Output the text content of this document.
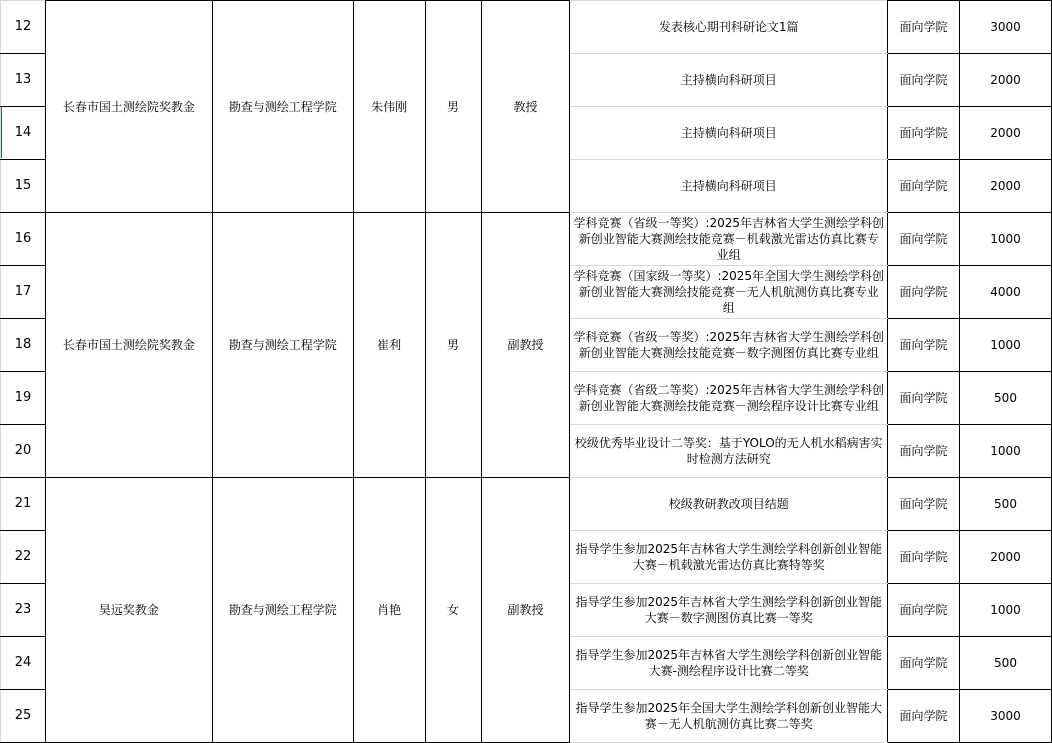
12	长春市国土测绘院奖教金	勘查与测绘工程学院	朱伟刚	男	教授	发表核心期刊科研论文1篇	面向学院	3000
13						主持横向科研项目	面向学院	2000
14						主持横向科研项目	面向学院	2000
15						主持横向科研项目	面向学院	2000
16	长春市国土测绘院奖教金	勘查与测绘工程学院	崔利	男	副教授	学科竞赛（省级一等奖）:2025年吉林省大学生测绘学科创新创业智能大赛测绘技能竞赛－机载激光雷达仿真比赛专业组	面向学院	1000
17						学科竞赛（国家级一等奖）:2025年全国大学生测绘学科创新创业智能大赛测绘技能竞赛－无人机航测仿真比赛专业组	面向学院	4000
18						学科竞赛（省级一等奖）:2025年吉林省大学生测绘学科创新创业智能大赛测绘技能竞赛－数字测图仿真比赛专业组	面向学院	1000
19						学科竞赛（省级二等奖）:2025年吉林省大学生测绘学科创新创业智能大赛测绘技能竞赛－测绘程序设计比赛专业组	面向学院	500
20						校级优秀毕业设计二等奖：基于YOLO的无人机水稻病害实时检测方法研究	面向学院	1000
21	昊远奖教金	勘查与测绘工程学院	肖艳	女	副教授	校级教研教改项目结题	面向学院	500
22						指导学生参加2025年吉林省大学生测绘学科创新创业智能大赛－机载激光雷达仿真比赛特等奖	面向学院	2000
23						指导学生参加2025年吉林省大学生测绘学科创新创业智能大赛－数字测图仿真比赛一等奖	面向学院	1000
24						指导学生参加2025年吉林省大学生测绘学科创新创业智能大赛-测绘程序设计比赛二等奖	面向学院	500
25						指导学生参加2025年全国大学生测绘学科创新创业智能大赛－无人机航测仿真比赛二等奖	面向学院	3000
